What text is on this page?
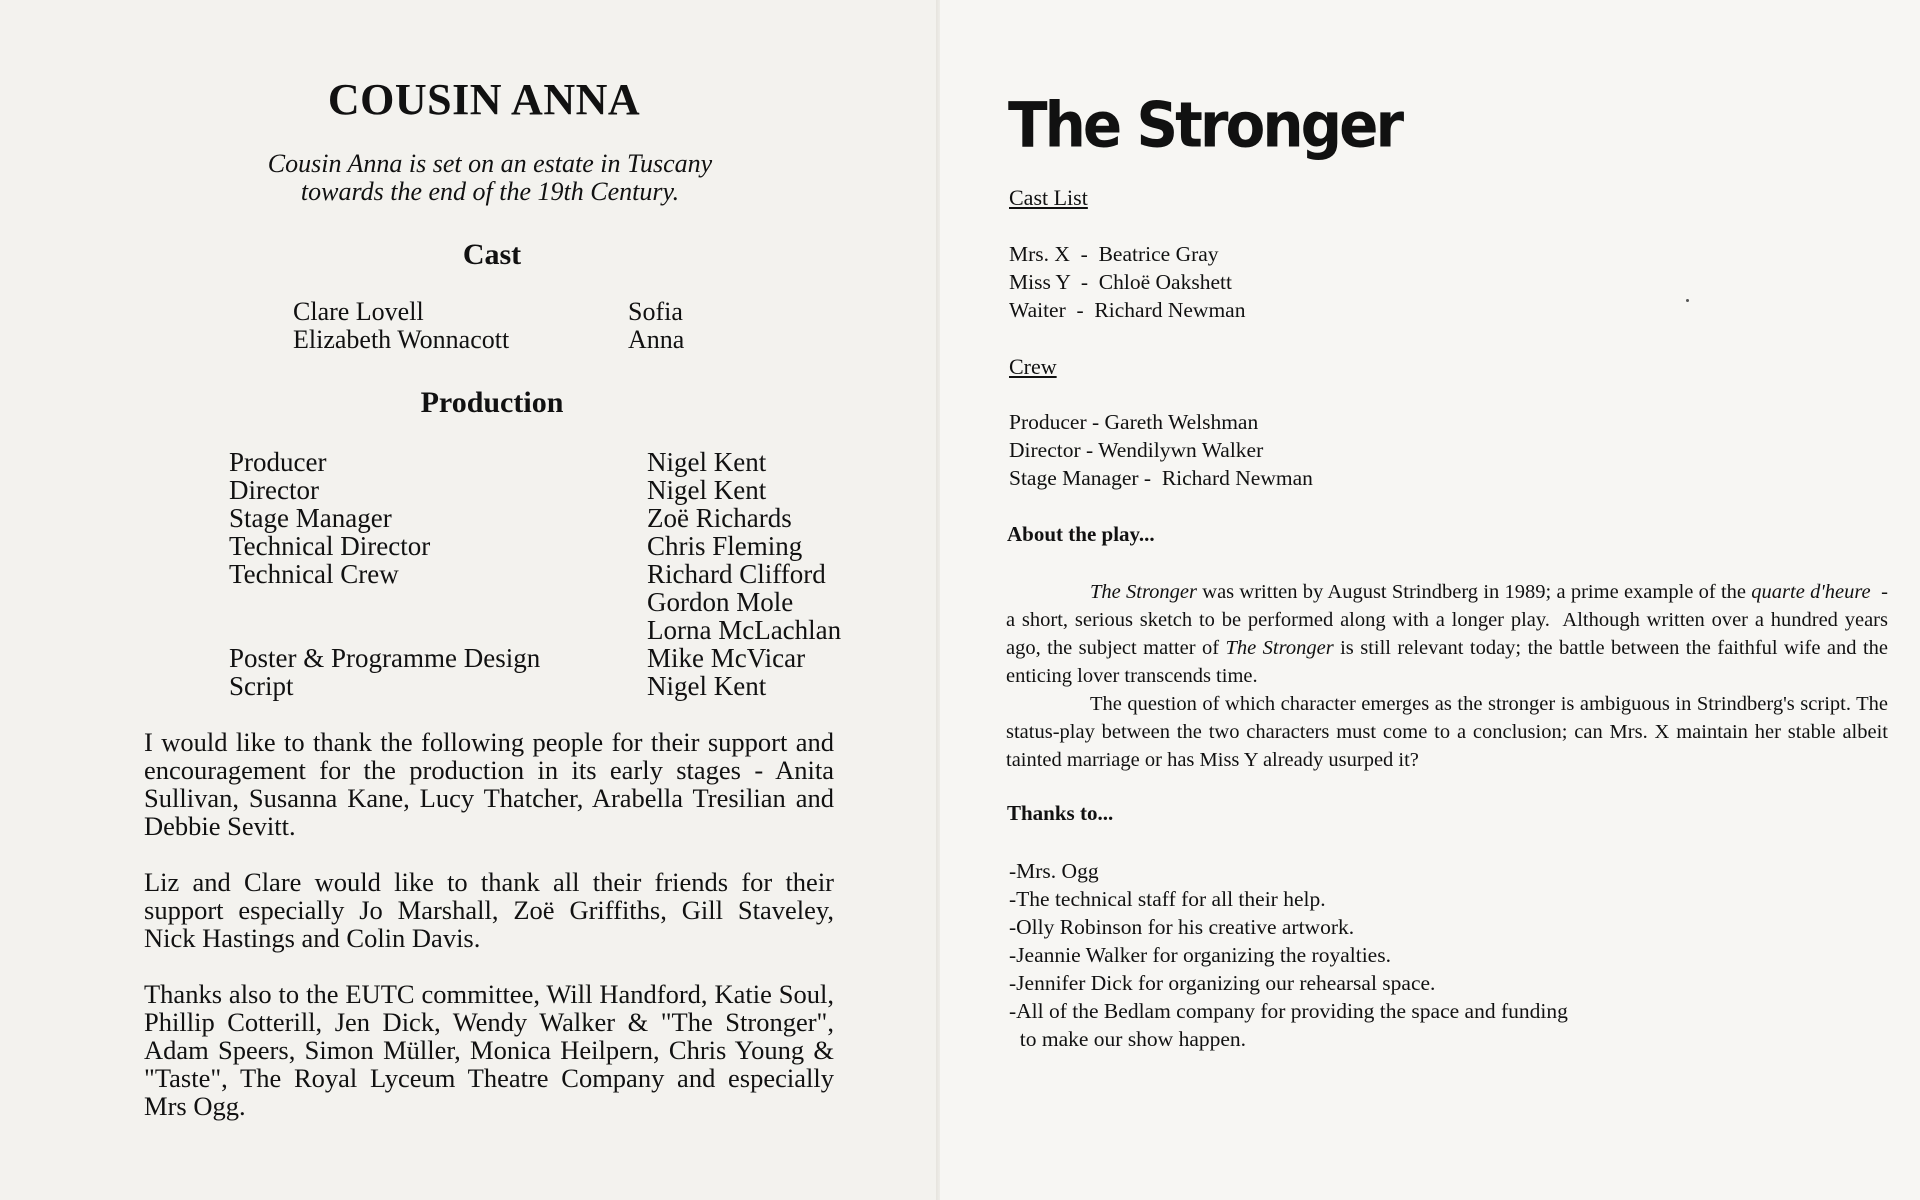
COUSIN ANNA
Cousin Anna is set on an estate in Tuscany
towards the end of the 19th Century.
Cast
Clare Lovell	Sofia
Elizabeth Wonnacott	Anna
Production
Producer	Nigel Kent
Director	Nigel Kent
Stage Manager	Zoë Richards
Technical Director	Chris Fleming
Technical Crew	Richard Clifford
Gordon Mole
Lorna McLachlan
Poster & Programme Design	Mike McVicar
Script	Nigel Kent

I would like to thank the following people for their support and encouragement for the production in its early stages - Anita Sullivan, Susanna Kane, Lucy Thatcher, Arabella Tresilian and Debbie Sevitt.

Liz and Clare would like to thank all their friends for their support especially Jo Marshall, Zoë Griffiths, Gill Staveley, Nick Hastings and Colin Davis.

Thanks also to the EUTC committee, Will Handford, Katie Soul, Phillip Cotterill, Jen Dick, Wendy Walker & "The Stronger", Adam Speers, Simon Müller, Monica Heilpern, Chris Young & "Taste", The Royal Lyceum Theatre Company and especially Mrs Ogg.

The Stronger
Cast List
Mrs. X  -  Beatrice Gray
Miss Y  -  Chloë Oakshett
Waiter  -  Richard Newman
Crew
Producer - Gareth Welshman
Director - Wendilywn Walker
Stage Manager -  Richard Newman
About the play...

The Stronger was written by August Strindberg in 1989; a prime example of the quarte d'heure  - a short, serious sketch to be performed along with a longer play.  Although written over a hundred years ago, the subject matter of The Stronger is still relevant today; the battle between the faithful wife and the enticing lover transcends time.

The question of which character emerges as the stronger is ambiguous in Strindberg's script. The status-play between the two characters must come to a conclusion; can Mrs. X maintain her stable albeit tainted marriage or has Miss Y already usurped it?

Thanks to...
-Mrs. Ogg
-The technical staff for all their help.
-Olly Robinson for his creative artwork.
-Jeannie Walker for organizing the royalties.
-Jennifer Dick for organizing our rehearsal space.
-All of the Bedlam company for providing the space and funding
to make our show happen.
